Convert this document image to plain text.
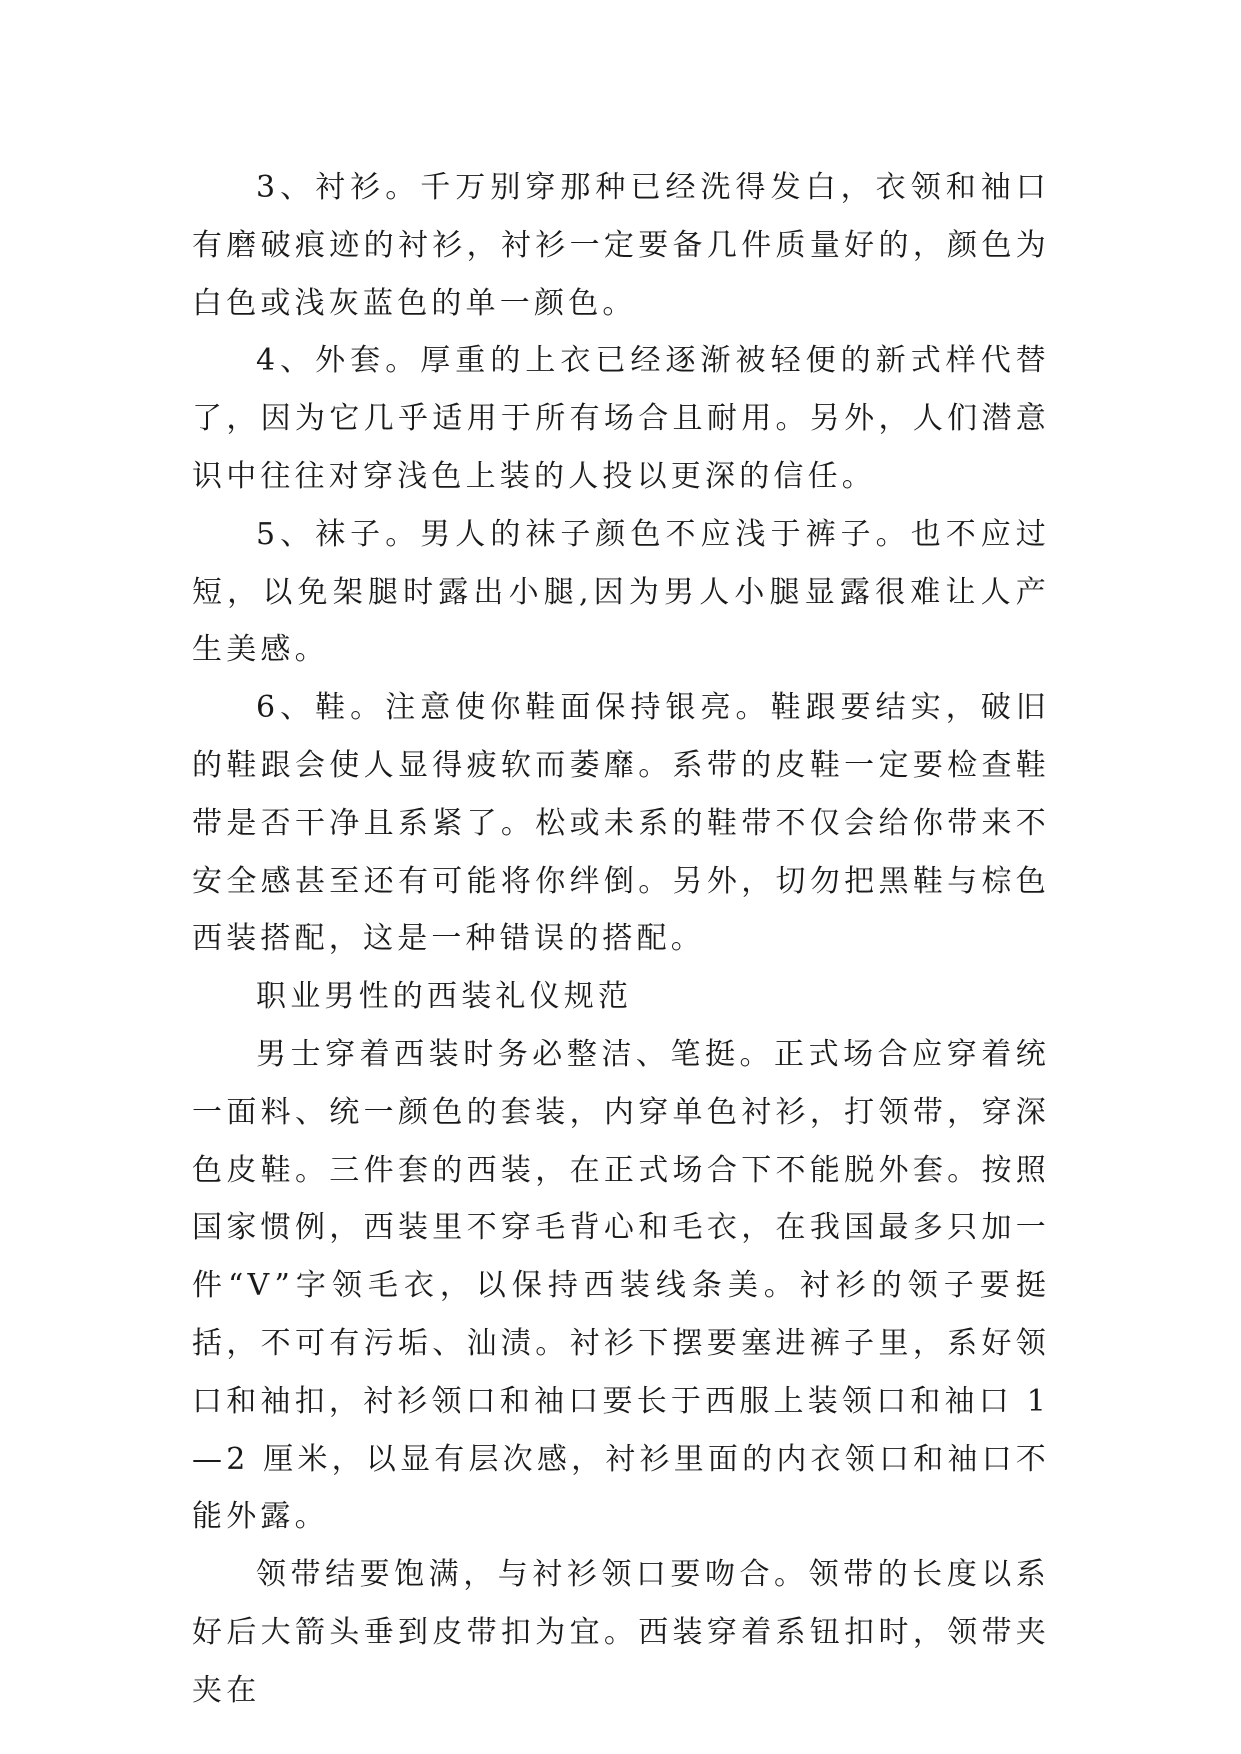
3、衬衫。千万别穿那种已经洗得发白，衣领和袖口有磨破痕迹的衬衫，衬衫一定要备几件质量好的，颜色为白色或浅灰蓝色的单一颜色。

4、外套。厚重的上衣已经逐渐被轻便的新式样代替了，因为它几乎适用于所有场合且耐用。另外，人们潜意识中往往对穿浅色上装的人投以更深的信任。

5、袜子。男人的袜子颜色不应浅于裤子。也不应过短，以免架腿时露出小腿,因为男人小腿显露很难让人产生美感。

6、鞋。注意使你鞋面保持银亮。鞋跟要结实，破旧的鞋跟会使人显得疲软而萎靡。系带的皮鞋一定要检查鞋带是否干净且系紧了。松或未系的鞋带不仅会给你带来不安全感甚至还有可能将你绊倒。另外，切勿把黑鞋与棕色西装搭配，这是一种错误的搭配。

职业男性的西装礼仪规范

男士穿着西装时务必整洁、笔挺。正式场合应穿着统一面料、统一颜色的套装，内穿单色衬衫，打领带，穿深色皮鞋。三件套的西装，在正式场合下不能脱外套。按照国家惯例，西装里不穿毛背心和毛衣，在我国最多只加一件“V”字领毛衣，以保持西装线条美。衬衫的领子要挺括，不可有污垢、汕渍。衬衫下摆要塞进裤子里，系好领口和袖扣，衬衫领口和袖口要长于西服上装领口和袖口 1—2 厘米，以显有层次感，衬衫里面的内衣领口和袖口不能外露。

领带结要饱满，与衬衫领口要吻合。领带的长度以系好后大箭头垂到皮带扣为宜。西装穿着系钮扣时，领带夹夹在
